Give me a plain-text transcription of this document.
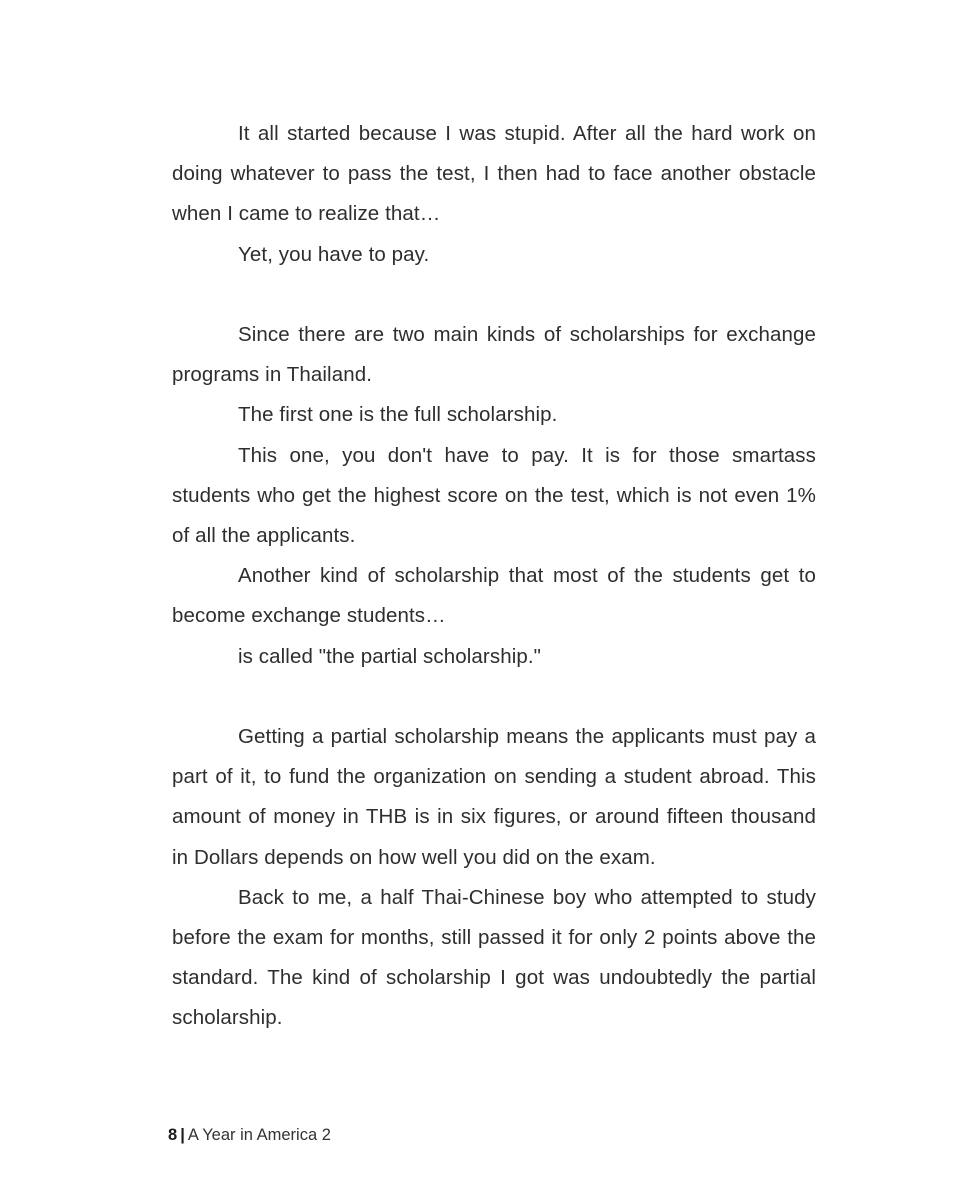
It all started because I was stupid. After all the hard work on doing whatever to pass the test, I then had to face another obstacle when I came to realize that…

Yet, you have to pay.

Since there are two main kinds of scholarships for exchange programs in Thailand.

The first one is the full scholarship.

This one, you don't have to pay. It is for those smartass students who get the highest score on the test, which is not even 1% of all the applicants.

Another kind of scholarship that most of the students get to become exchange students…

is called "the partial scholarship."

Getting a partial scholarship means the applicants must pay a part of it, to fund the organization on sending a student abroad. This amount of money in THB is in six figures, or around fifteen thousand in Dollars depends on how well you did on the exam.

Back to me, a half Thai-Chinese boy who attempted to study before the exam for months, still passed it for only 2 points above the standard. The kind of scholarship I got was undoubtedly the partial scholarship.

8 | A Year in America 2
